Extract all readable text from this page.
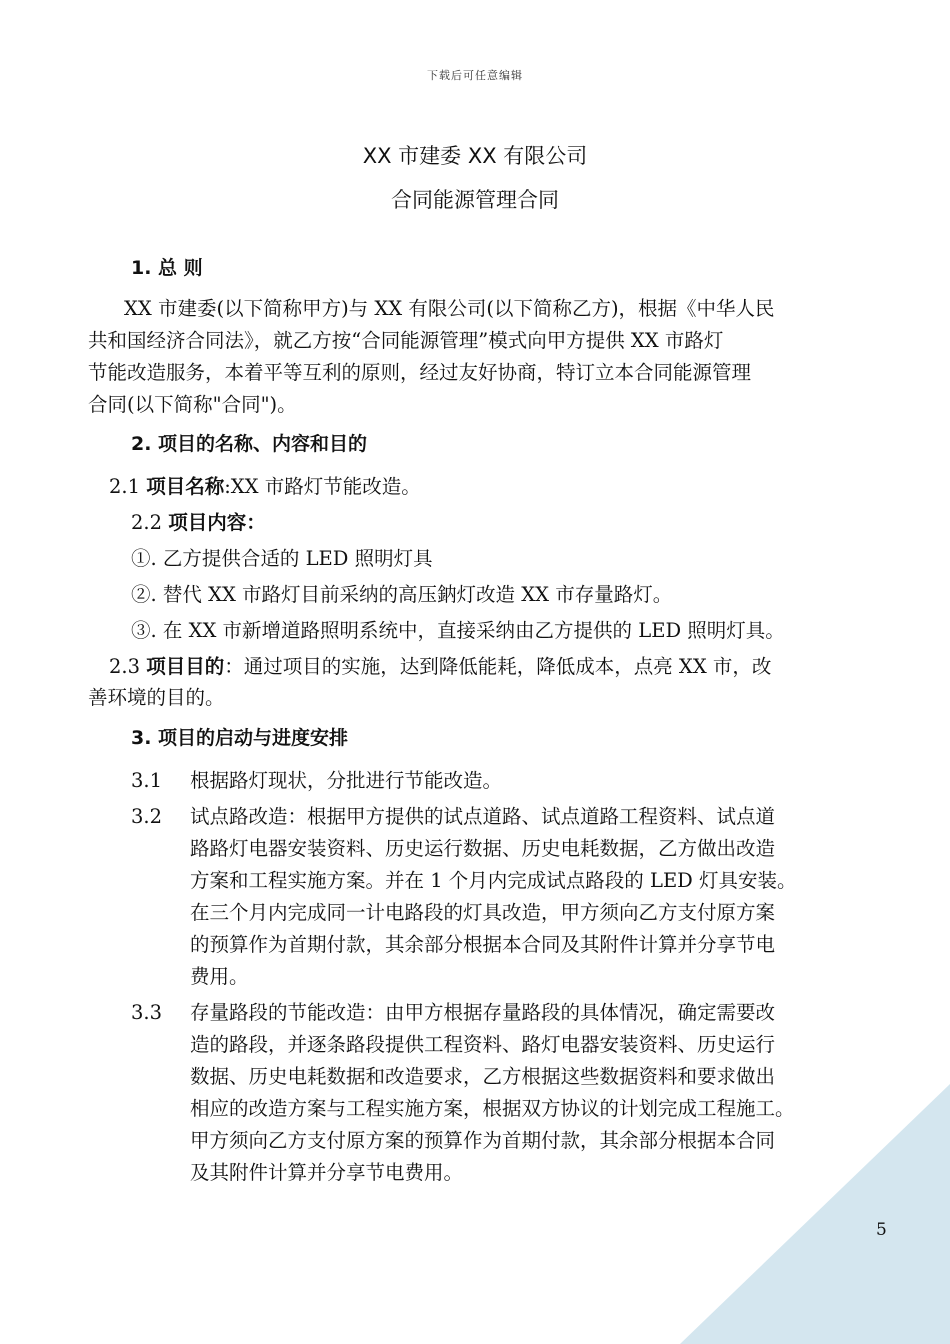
下载后可任意编辑
XX 市建委 XX 有限公司
合同能源管理合同
1. 总 则
XX 市建委(以下简称甲方)与 XX 有限公司(以下简称乙方)，根据《中华人民
共和国经济合同法》，就乙方按“合同能源管理”模式向甲方提供 XX 市路灯
节能改造服务，本着平等互利的原则，经过友好协商，特订立本合同能源管理
合同(以下简称"合同")。
2. 项目的名称、内容和目的
2.1 项目名称:XX 市路灯节能改造。
2.2 项目内容：
①. 乙方提供合适的 LED 照明灯具
②. 替代 XX 市路灯目前采纳的高压鈉灯改造 XX 市存量路灯。
③. 在 XX 市新增道路照明系统中，直接采纳由乙方提供的 LED 照明灯具。
2.3 项目目的：通过项目的实施，达到降低能耗，降低成本，点亮 XX 市，改
善环境的目的。
3. 项目的启动与进度安排
3.1 根据路灯现状，分批进行节能改造。
3.2 试点路改造：根据甲方提供的试点道路、试点道路工程资料、试点道
路路灯电器安装资料、历史运行数据、历史电耗数据，乙方做出改造
方案和工程实施方案。并在 1 个月内完成试点路段的 LED 灯具安装。
在三个月内完成同一计电路段的灯具改造，甲方须向乙方支付原方案
的预算作为首期付款，其余部分根据本合同及其附件计算并分享节电
费用。
3.3 存量路段的节能改造：由甲方根据存量路段的具体情况，确定需要改
造的路段，并逐条路段提供工程资料、路灯电器安装资料、历史运行
数据、历史电耗数据和改造要求，乙方根据这些数据资料和要求做出
相应的改造方案与工程实施方案，根据双方协议的计划完成工程施工。
甲方须向乙方支付原方案的预算作为首期付款，其余部分根据本合同
及其附件计算并分享节电费用。
5
